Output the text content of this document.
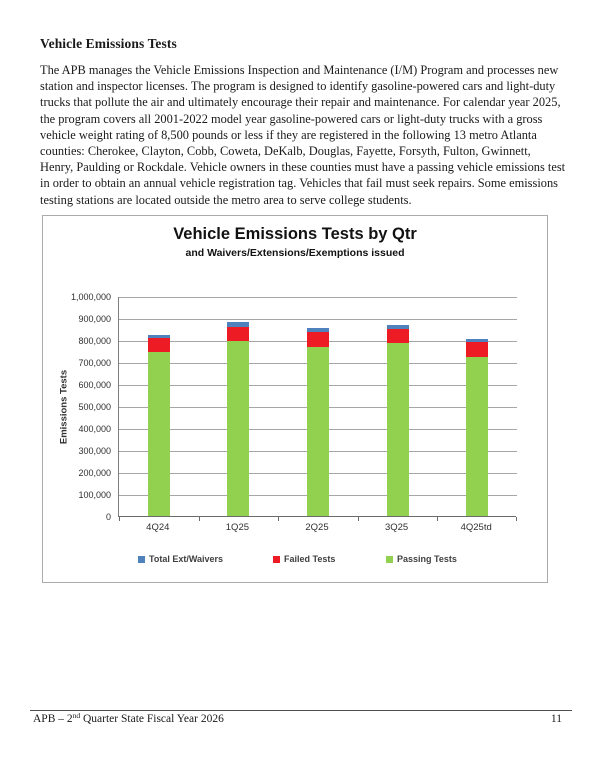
Vehicle Emissions Tests
The APB manages the Vehicle Emissions Inspection and Maintenance (I/M) Program and processes new station and inspector licenses. The program is designed to identify gasoline-powered cars and light-duty trucks that pollute the air and ultimately encourage their repair and maintenance. For calendar year 2025, the program covers all 2001-2022 model year gasoline-powered cars or light-duty trucks with a gross vehicle weight rating of 8,500 pounds or less if they are registered in the following 13 metro Atlanta counties: Cherokee, Clayton, Cobb, Coweta, DeKalb, Douglas, Fayette, Forsyth, Fulton, Gwinnett, Henry, Paulding or Rockdale. Vehicle owners in these counties must have a passing vehicle emissions test in order to obtain an annual vehicle registration tag. Vehicles that fail must seek repairs. Some emissions testing stations are located outside the metro area to serve college students.
Vehicle Emissions Tests by Qtr
and Waivers/Extensions/Exemptions issued
Emissions Tests
0
100,000
200,000
300,000
400,000
500,000
600,000
700,000
800,000
900,000
1,000,000
4Q24	1Q25	2Q25	3Q25	4Q25td
Total Ext/Waivers	Failed Tests	Passing Tests
APB – 2nd Quarter State Fiscal Year 2026	11
